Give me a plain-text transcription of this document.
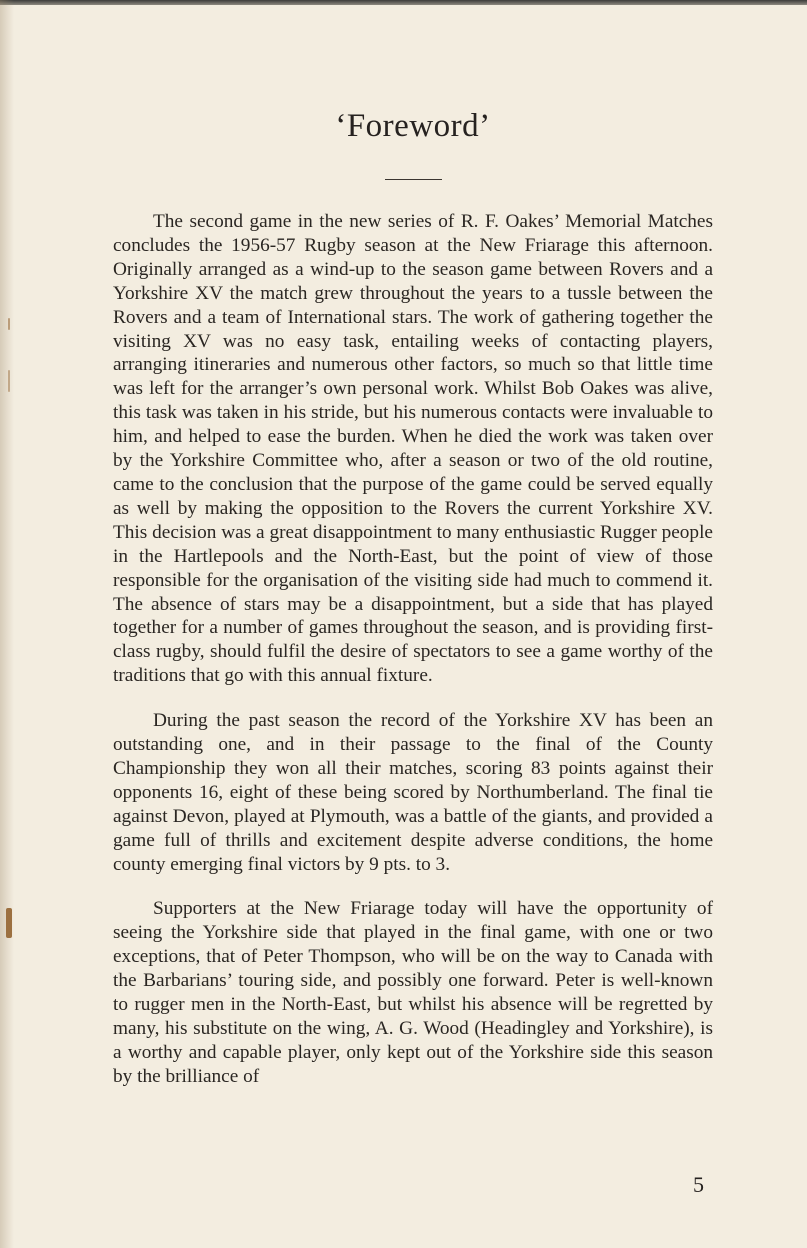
‘Foreword’

The second game in the new series of R. F. Oakes’ Memorial Matches concludes the 1956-57 Rugby season at the New Friarage this afternoon. Originally arranged as a wind-up to the season game between Rovers and a Yorkshire XV the match grew throughout the years to a tussle between the Rovers and a team of International stars. The work of gathering together the visiting XV was no easy task, entailing weeks of contacting players, arranging itineraries and numerous other factors, so much so that little time was left for the arranger’s own personal work. Whilst Bob Oakes was alive, this task was taken in his stride, but his numerous contacts were invaluable to him, and helped to ease the burden. When he died the work was taken over by the Yorkshire Committee who, after a season or two of the old routine, came to the conclusion that the purpose of the game could be served equally as well by making the opposition to the Rovers the current Yorkshire XV. This decision was a great disappointment to many enthusiastic Rugger people in the Hartlepools and the North-East, but the point of view of those responsible for the organisation of the visiting side had much to commend it. The absence of stars may be a disappointment, but a side that has played together for a number of games throughout the season, and is providing first-class rugby, should fulfil the desire of spectators to see a game worthy of the traditions that go with this annual fixture.

During the past season the record of the Yorkshire XV has been an outstanding one, and in their passage to the final of the County Championship they won all their matches, scoring 83 points against their opponents 16, eight of these being scored by Northumberland. The final tie against Devon, played at Plymouth, was a battle of the giants, and provided a game full of thrills and excitement despite adverse conditions, the home county emerging final victors by 9 pts. to 3.

Supporters at the New Friarage today will have the opportunity of seeing the Yorkshire side that played in the final game, with one or two exceptions, that of Peter Thompson, who will be on the way to Canada with the Barbarians’ touring side, and possibly one forward. Peter is well-known to rugger men in the North-East, but whilst his absence will be regretted by many, his substitute on the wing, A. G. Wood (Headingley and Yorkshire), is a worthy and capable player, only kept out of the Yorkshire side this season by the brilliance of

5
